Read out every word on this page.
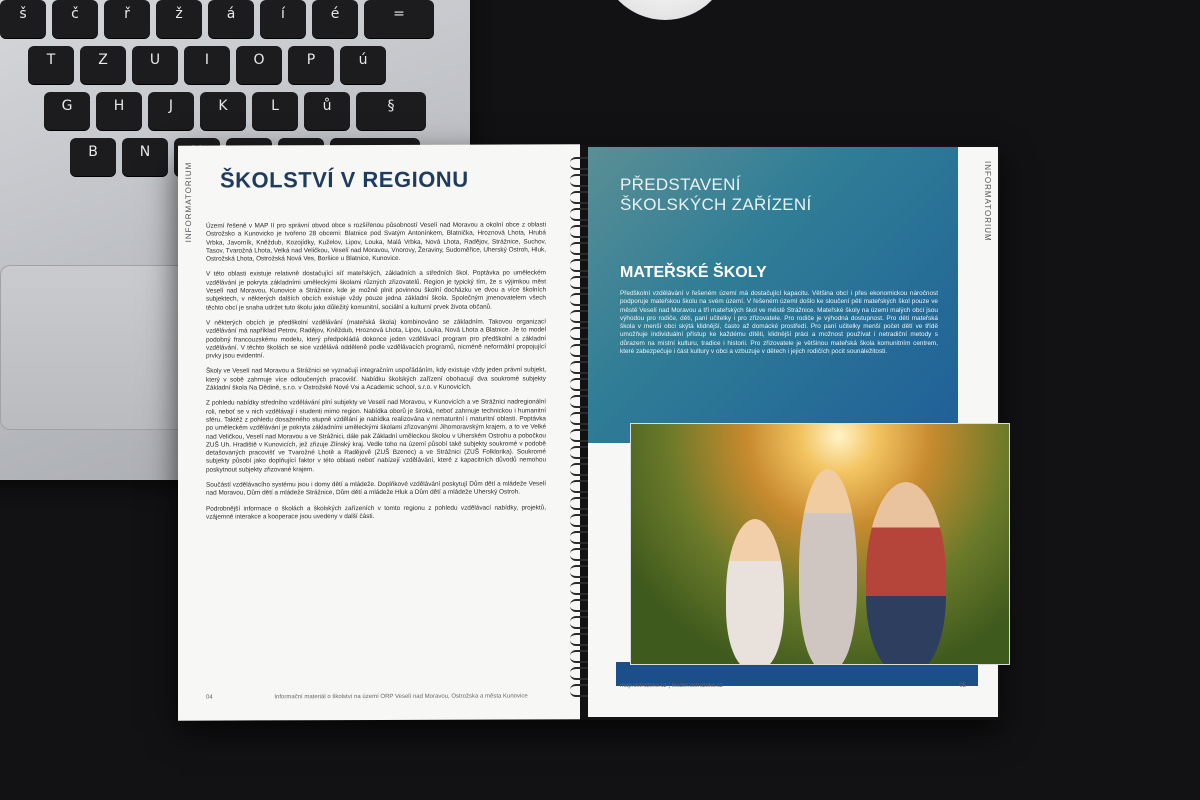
š	č	ř	ž	á	í	é	=
T	Z	U	I	O	P	ú
G	H	J	K	L	ů	§
B	N
INFORMATORIUM ŠKOLSTVÍ V REGIONU

Území řešené v MAP II pro správní obvod obce s rozšířenou působností Veselí nad Moravou a okolní obce z oblasti Ostrožsko a Kunovicko je tvořeno 28 obcemi: Blatnice pod Svatým Antonínkem, Blatnička, Hroznová Lhota, Hrubá Vrbka, Javorník, Kněždub, Kozojídky, Kuželov, Lipov, Louka, Malá Vrbka, Nová Lhota, Radějov, Strážnice, Suchov, Tasov, Tvarožná Lhota, Velká nad Veličkou, Veselí nad Moravou, Vnorovy, Žeraviny, Sudoměřice, Uherský Ostroh, Hluk, Ostrožská Lhota, Ostrožská Nová Ves, Boršice u Blatnice, Kunovice.

V této oblasti existuje relativně dostačující síť mateřských, základních a středních škol. Poptávka po uměleckém vzdělávání je pokryta základními uměleckými školami různých zřizovatelů. Region je typický tím, že s výjimkou měst Veselí nad Moravou, Kunovice a Strážnice, kde je možné plnit povinnou školní docházku ve dvou a více školních subjektech, v některých dalších obcích existuje vždy pouze jedna základní škola. Společným jmenovatelem všech těchto obcí je snaha udržet tuto školu jako důležitý komunitní, sociální a kulturní prvek života občanů.

V některých obcích je předškolní vzdělávání (mateřská škola) kombinováno se základním. Takovou organizací vzdělávání má například Petrov, Radějov, Kněždub, Hroznová Lhota, Lipov, Louka, Nová Lhota a Blatnice. Je to model podobný francouzskému modelu, který předpokládá dokonce jeden vzdělávací program pro předškolní a základní vzdělávání. V těchto školách se sice vzdělává odděleně podle vzdělávacích programů, nicméně neformální propojující prvky jsou evidentní.

Školy ve Veselí nad Moravou a Strážnici se vyznačují integračním uspořádáním, kdy existuje vždy jeden právní subjekt, který v sobě zahrnuje více odloučených pracovišť. Nabídku školských zařízení obohacují dva soukromé subjekty Základní škola Na Dědině, s.r.o. v Ostrožské Nové Vsi a Academic school, s.r.o. v Kunovicích.

Z pohledu nabídky středního vzdělávání plní subjekty ve Veselí nad Moravou, v Kunovicích a ve Strážnici nadregionální roli, neboť se v nich vzdělávají i studenti mimo region. Nabídka oborů je široká, neboť zahrnuje technickou i humanitní sféru. Taktéž z pohledu dosaženého stupně vzdělání je nabídka realizována v nematuritní i maturitní oblasti. Poptávka po uměleckém vzdělávání je pokryta základními uměleckými školami zřizovanými Jihomoravským krajem, a to ve Velké nad Veličkou, Veselí nad Moravou a ve Strážnici, dále pak Základní uměleckou školou v Uherském Ostrohu a pobočkou ZUŠ Uh. Hradiště v Kunovicích, jež zřizuje Zlínský kraj. Vedle toho na území působí také subjekty soukromé v podobě detašovaných pracovišť ve Tvarožné Lhotě a Radějově (ZUŠ Bzenec) a ve Strážnici (ZUŠ Folklorika). Soukromé subjekty působí jako doplňující faktor v této oblasti neboť nabízejí vzdělávání, které z kapacitních důvodů nemohou poskytnout subjekty zřizované krajem.

Součástí vzdělávacího systému jsou i domy dětí a mládeže. Doplňkové vzdělávání poskytují Dům dětí a mládeže Veselí nad Moravou, Dům dětí a mládeže Strážnice, Dům dětí a mládeže Hluk a Dům dětí a mládeže Uherský Ostroh.

Podrobnější informace o školách a školských zařízeních v tomto regionu z pohledu vzdělávací nabídky, projektů, vzájemné interakce a kooperace jsou uvedeny v další části.

04	Informační materiál o školství na území ORP Veselí nad Moravou, Ostrožska a města Kunovice
PŘEDSTAVENÍ
ŠKOLSKÝCH ZAŘÍZENÍ
MATEŘSKÉ ŠKOLY
Předškolní vzdělávání v řešeném území má dostačující kapacitu. Většina obcí i přes ekonomickou náročnost podporuje mateřskou školu na svém území. V řešeném území došlo ke sloučení pěti mateřských škol pouze ve městě Veselí nad Moravou a tří mateřských škol ve městě Strážnice. Mateřské školy na území malých obcí jsou výhodou pro rodiče, děti, paní učitelky i pro zřizovatele. Pro rodiče je výhodná dostupnost. Pro děti mateřská škola v menší obci skýtá klidnější, často až domácké prostředí. Pro paní učitelky menší počet dětí ve třídě umožňuje individuální přístup ke každému dítěti, klidnější práci a možnost používat i netradiční metody s důrazem na místní kulturu, tradice i historii. Pro zřizovatele je většinou mateřská škola komunitním centrem, které zabezpečuje i část kultury v obci a vzbuzuje v dětech i jejich rodičích pocit sounáležitosti.
INFORMATORIUM
map.ostrozsko.cz | leader.ostrozsko.cz	05
